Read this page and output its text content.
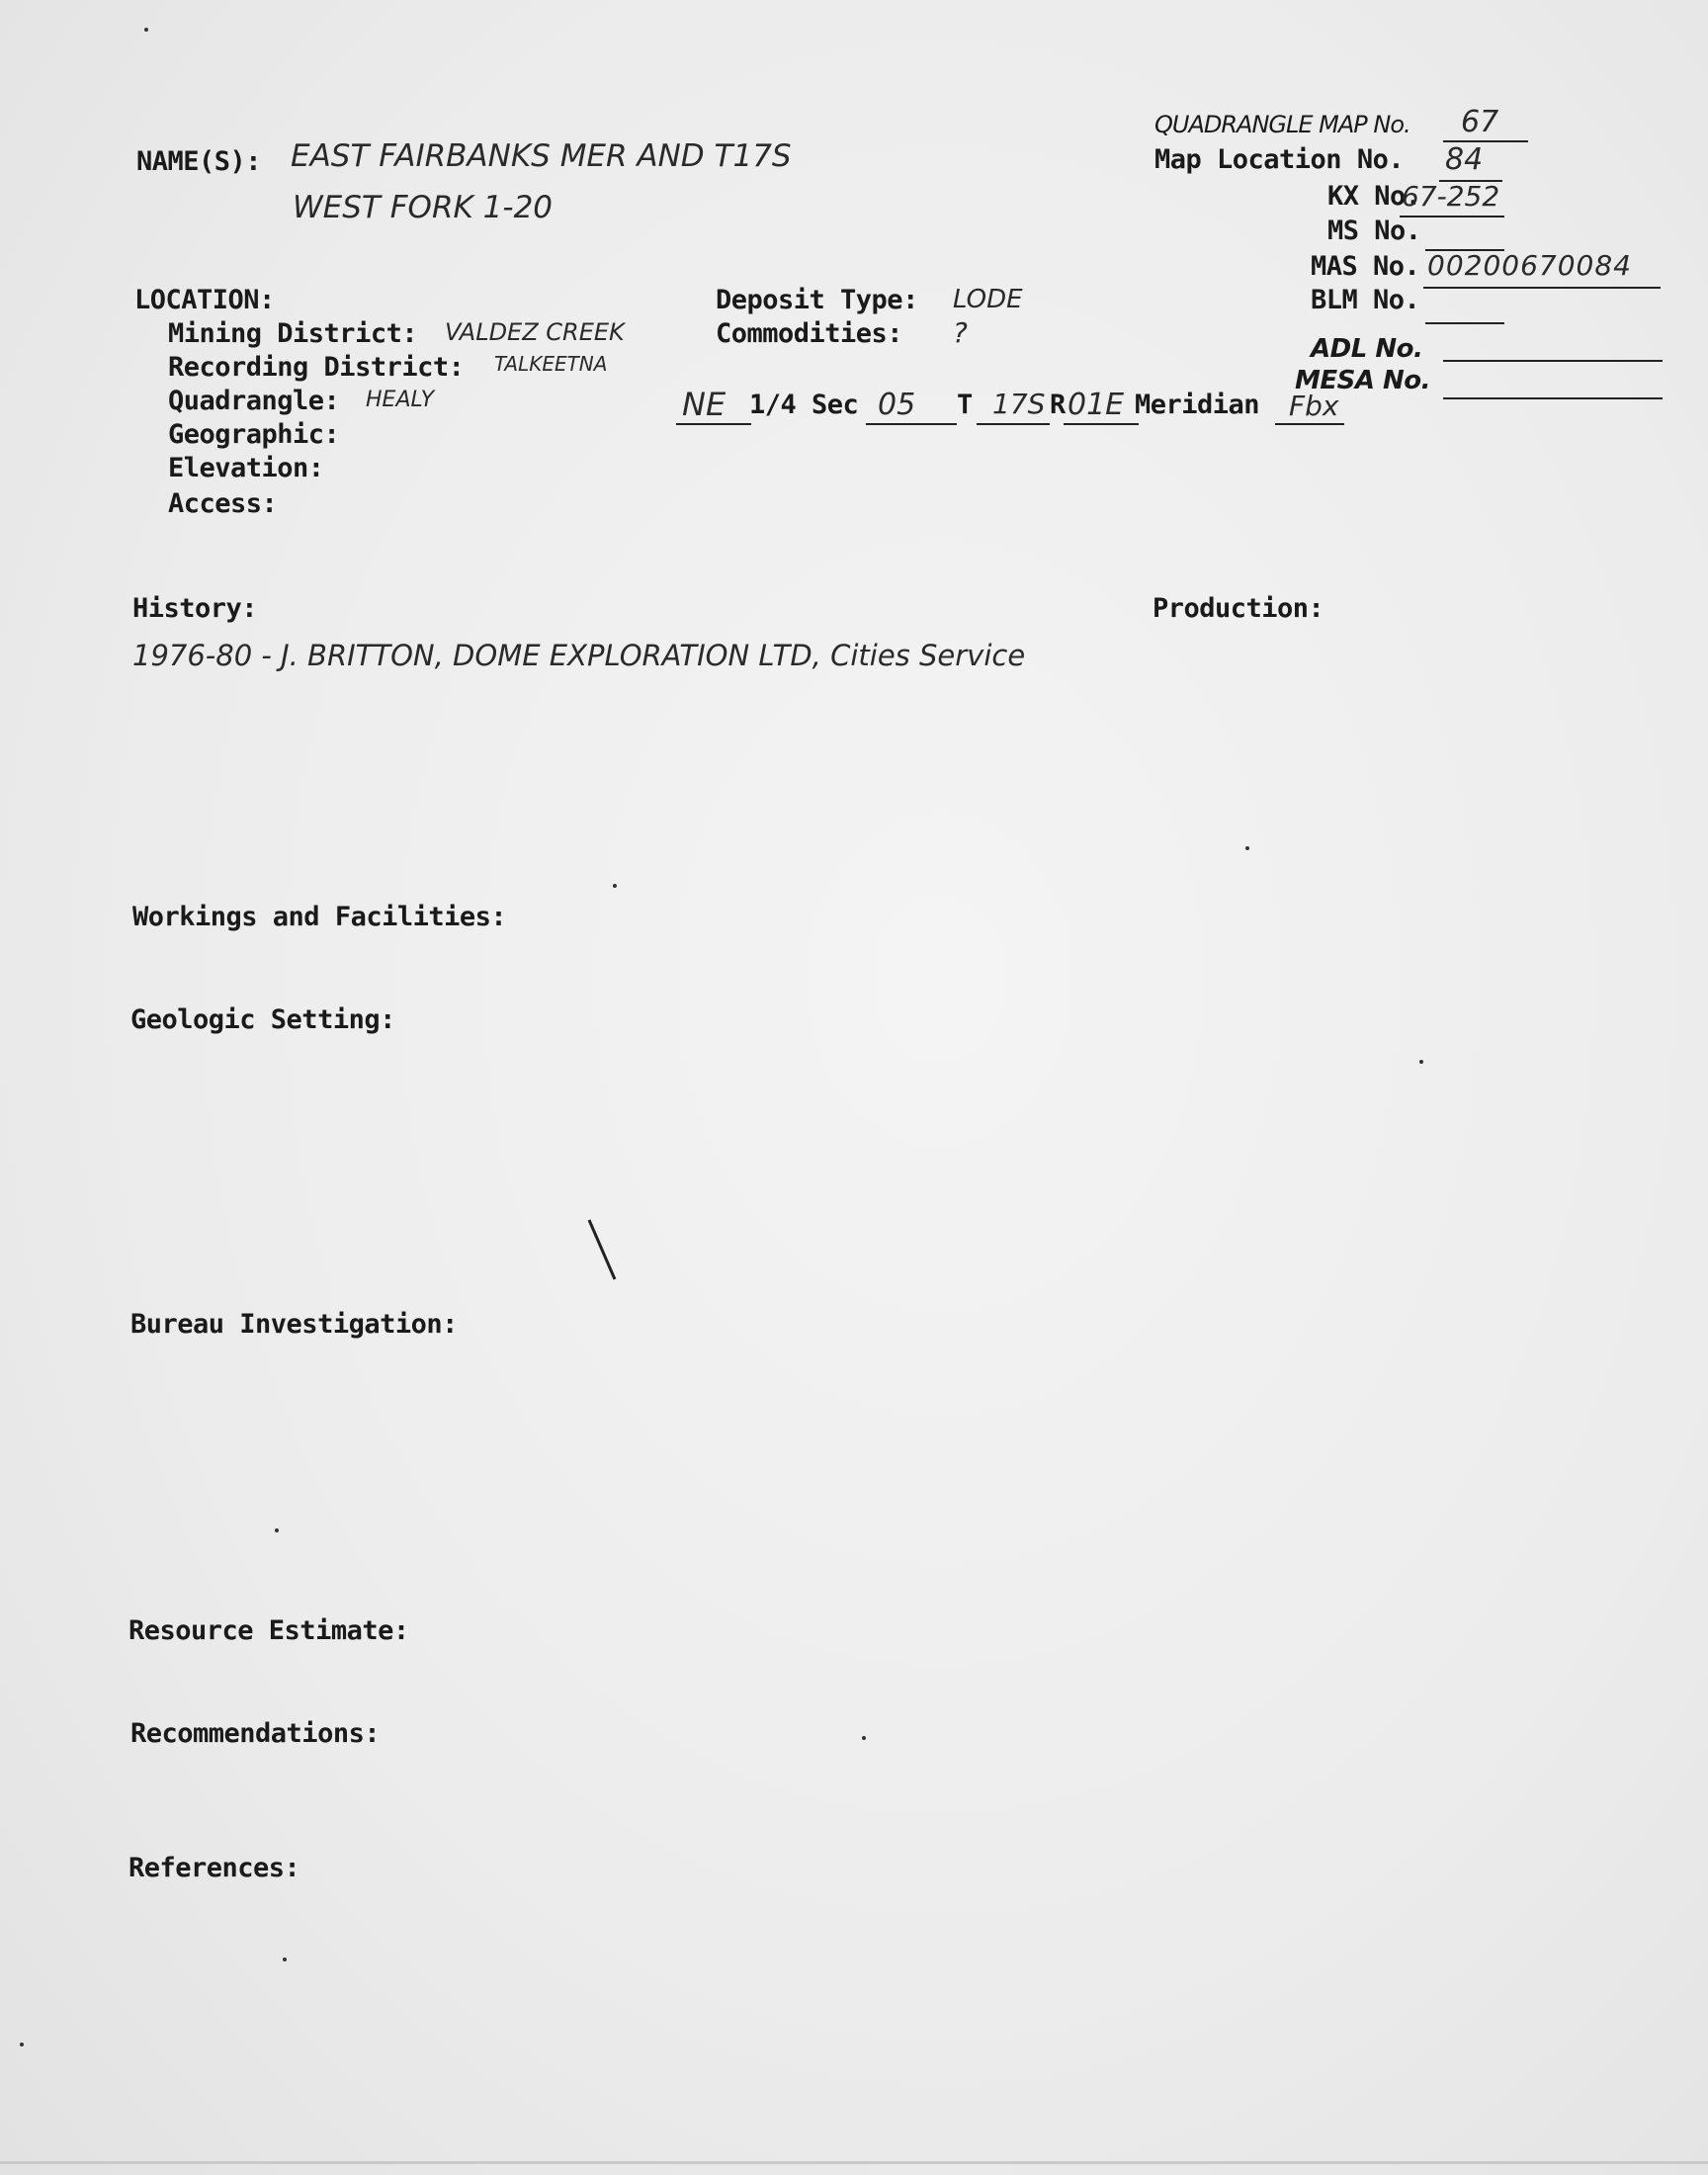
QUADRANGLE MAP No. 67
Map Location No. 84
KX No.
67-252
MS No.
MAS No. 00200670084
BLM No.
ADL No.
MESA No.
NAME(S): EAST FAIRBANKS MER AND T17S
WEST FORK 1-20
LOCATION:
Mining District: VALDEZ CREEK
Recording District: TALKEETNA
Quadrangle: HEALY
Geographic:
Elevation:
Access:
Deposit Type: LODE
Commodities: ?
NE 1/4 Sec 05 T 17S R 01E Meridian Fbx
History:
1976-80 - J. BRITTON, DOME EXPLORATION LTD, Cities Service
Production:
Workings and Facilities:
Geologic Setting:
Bureau Investigation:
Resource Estimate:
Recommendations:
References:
